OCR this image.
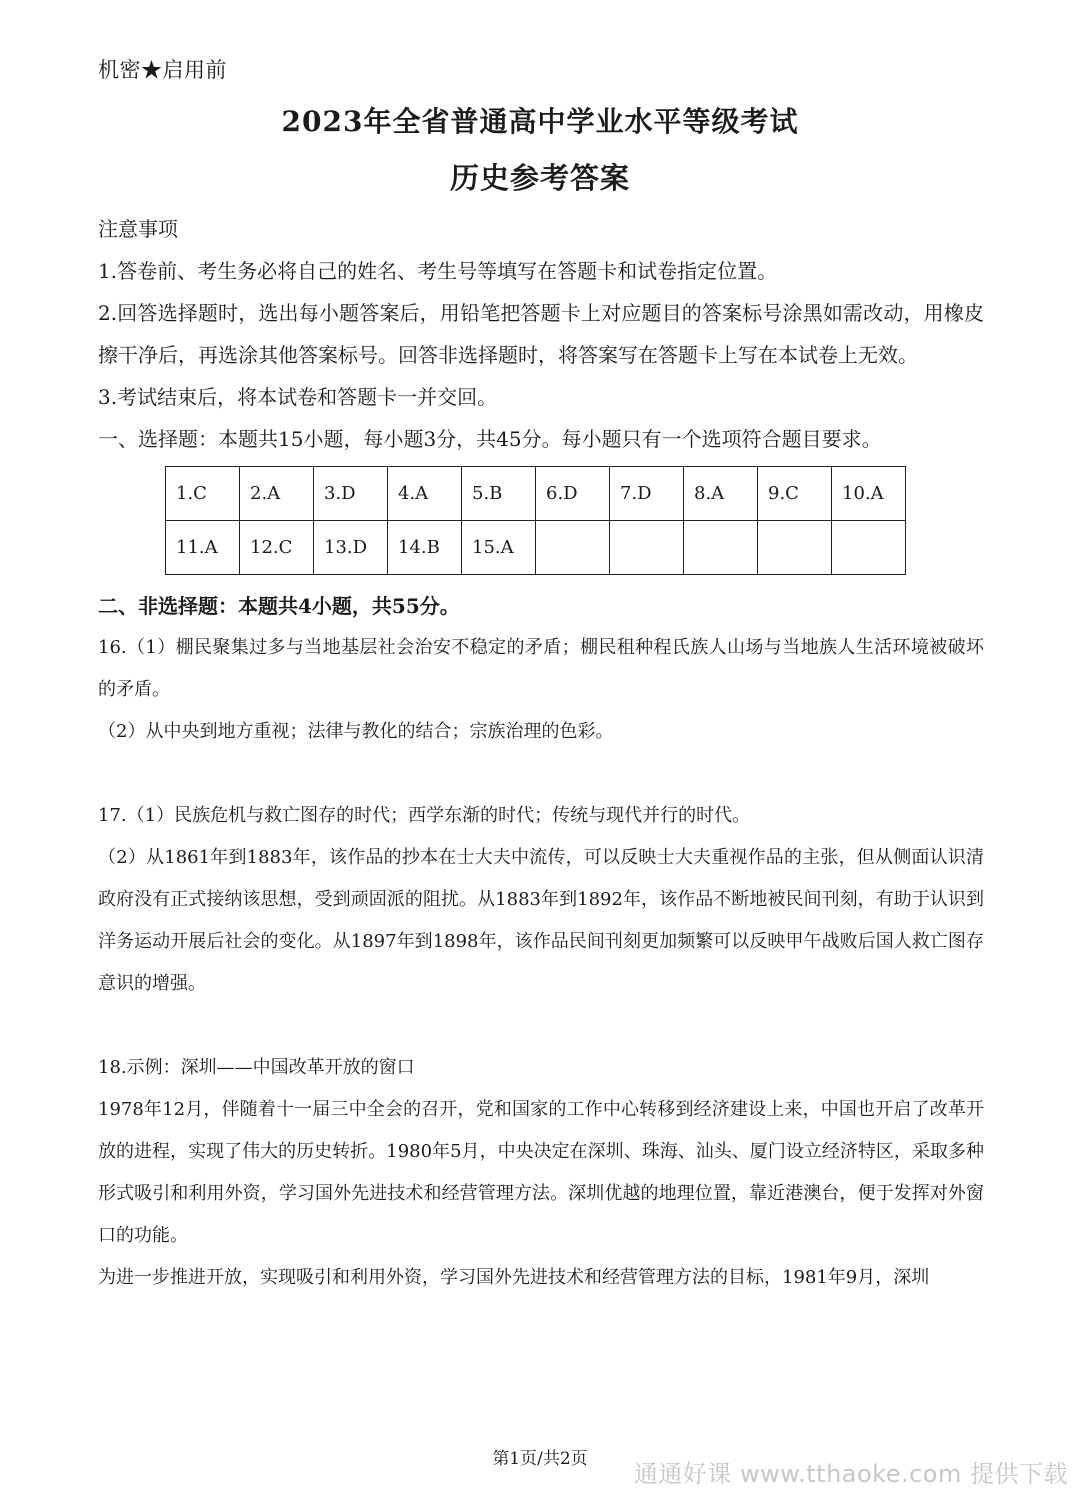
机密★启用前
2023年全省普通高中学业水平等级考试
历史参考答案

注意事项

1.答卷前、考生务必将自己的姓名、考生号等填写在答题卡和试卷指定位置。

2.回答选择题时，选出每小题答案后，用铅笔把答题卡上对应题目的答案标号涂黑如需改动，用橡皮擦干净后，再选涂其他答案标号。回答非选择题时，将答案写在答题卡上写在本试卷上无效。

3.考试结束后，将本试卷和答题卡一并交回。

一、选择题：本题共15小题，每小题3分，共45分。每小题只有一个选项符合题目要求。

1.C	2.A	3.D	4.A	5.B	6.D	7.D	8.A	9.C	10.A
11.A	12.C	13.D	14.B	15.A					

二、非选择题：本题共4小题，共55分。

16.（1）棚民聚集过多与当地基层社会治安不稳定的矛盾；棚民租种程氏族人山场与当地族人生活环境被破坏的矛盾。

（2）从中央到地方重视；法律与教化的结合；宗族治理的色彩。

17.（1）民族危机与救亡图存的时代；西学东渐的时代；传统与现代并行的时代。

（2）从1861年到1883年，该作品的抄本在士大夫中流传，可以反映士大夫重视作品的主张，但从侧面认识清政府没有正式接纳该思想，受到顽固派的阻扰。从1883年到1892年，该作品不断地被民间刊刻，有助于认识到洋务运动开展后社会的变化。从1897年到1898年，该作品民间刊刻更加频繁可以反映甲午战败后国人救亡图存意识的增强。

18.示例：深圳——中国改革开放的窗口

1978年12月，伴随着十一届三中全会的召开，党和国家的工作中心转移到经济建设上来，中国也开启了改革开放的进程，实现了伟大的历史转折。1980年5月，中央决定在深圳、珠海、汕头、厦门设立经济特区，采取多种形式吸引和利用外资，学习国外先进技术和经营管理方法。深圳优越的地理位置，靠近港澳台，便于发挥对外窗口的功能。

为进一步推进开放，实现吸引和利用外资，学习国外先进技术和经营管理方法的目标，1981年9月，深圳

第1页/共2页
通通好课 www.tthaoke.com 提供下载
